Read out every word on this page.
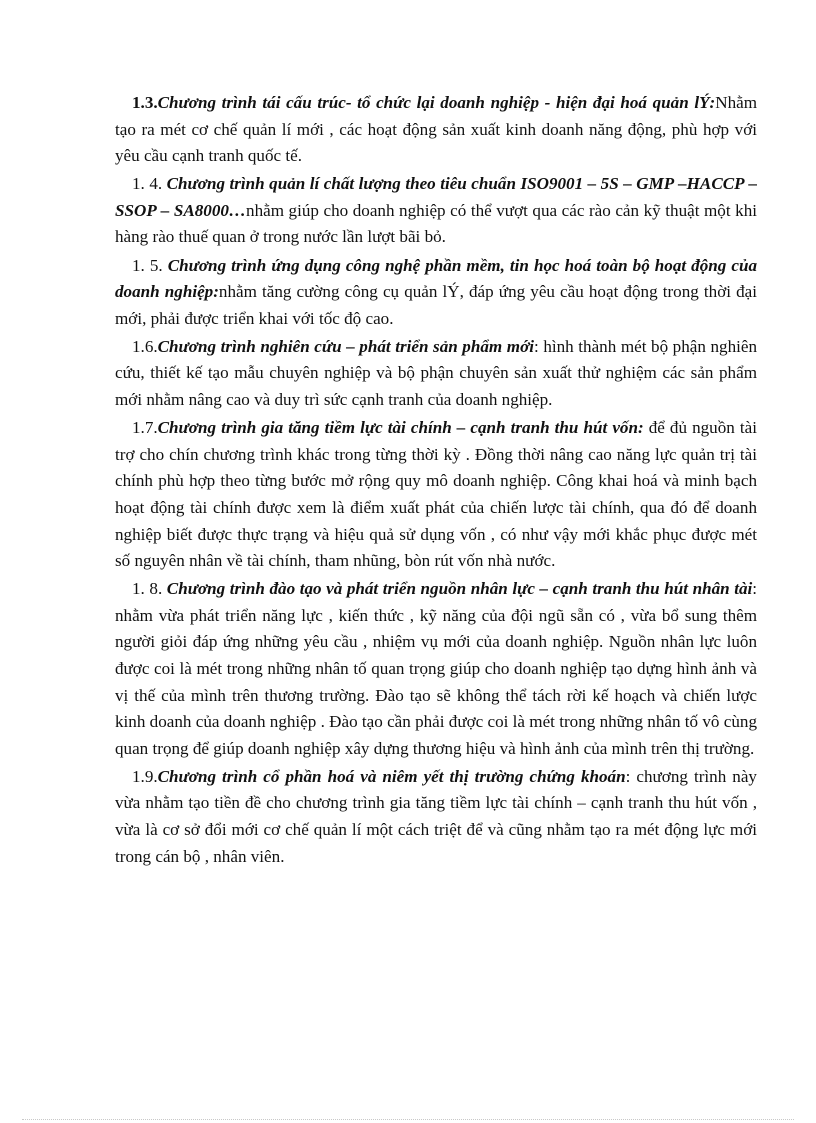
1.3.Chương trình tái cấu trúc- tổ chức lại doanh nghiệp - hiện đại hoá quản lÝ:Nhằm tạo ra mét cơ chế quản lí mới , các hoạt động sản xuất kinh doanh năng động, phù hợp với yêu cầu cạnh tranh quốc tế.

1. 4. Chương trình quản lí chất lượng theo tiêu chuẩn ISO9001 – 5S – GMP –HACCP –SSOP – SA8000…nhằm giúp cho doanh nghiệp có thể vượt qua các rào cản kỹ thuật một khi hàng rào thuế quan ở trong nước lần lượt bãi bỏ.

1. 5. Chương trình ứng dụng công nghệ phần mềm, tin học hoá toàn bộ hoạt động của doanh nghiệp:nhằm tăng cường công cụ quản lÝ, đáp ứng yêu cầu hoạt động trong thời đại mới, phải được triển khai với tốc độ cao.

1.6.Chương trình nghiên cứu – phát triển sản phẩm mới: hình thành mét bộ phận nghiên cứu, thiết kế tạo mẫu chuyên nghiệp và bộ phận chuyên sản xuất thử nghiệm các sản phẩm mới nhằm nâng cao và duy trì sức cạnh tranh của doanh nghiệp.

1.7.Chương trình gia tăng tiềm lực tài chính – cạnh tranh thu hút vốn: để đủ nguồn tài trợ cho chín chương trình khác trong từng thời kỳ . Đồng thời nâng cao năng lực quản trị tài chính phù hợp theo từng bước mở rộng quy mô doanh nghiệp. Công khai hoá và minh bạch hoạt động tài chính được xem là điểm xuất phát của chiến lược tài chính, qua đó để doanh nghiệp biết được thực trạng và hiệu quả sử dụng vốn , có như vậy mới khắc phục được mét số nguyên nhân về tài chính, tham nhũng, bòn rút vốn nhà nước.

1. 8. Chương trình đào tạo và phát triển nguồn nhân lực – cạnh tranh thu hút nhân tài: nhằm vừa phát triển năng lực , kiến thức , kỹ năng của đội ngũ sẵn có , vừa bổ sung thêm người giỏi đáp ứng những yêu cầu , nhiệm vụ mới của doanh nghiệp. Nguồn nhân lực luôn được coi là mét trong những nhân tố quan trọng giúp cho doanh nghiệp tạo dựng hình ảnh và vị thế của mình trên thương trường. Đào tạo sẽ không thể tách rời kế hoạch và chiến lược kinh doanh của doanh nghiệp . Đào tạo cần phải được coi là mét trong những nhân tố vô cùng quan trọng để giúp doanh nghiệp xây dựng thương hiệu và hình ảnh của mình trên thị trường.

1.9.Chương trình cổ phần hoá và niêm yết thị trường chứng khoán: chương trình này vừa nhằm tạo tiền đề cho chương trình gia tăng tiềm lực tài chính – cạnh tranh thu hút vốn , vừa là cơ sở đổi mới cơ chế quản lí một cách triệt để và cũng nhằm tạo ra mét động lực mới trong cán bộ , nhân viên.
